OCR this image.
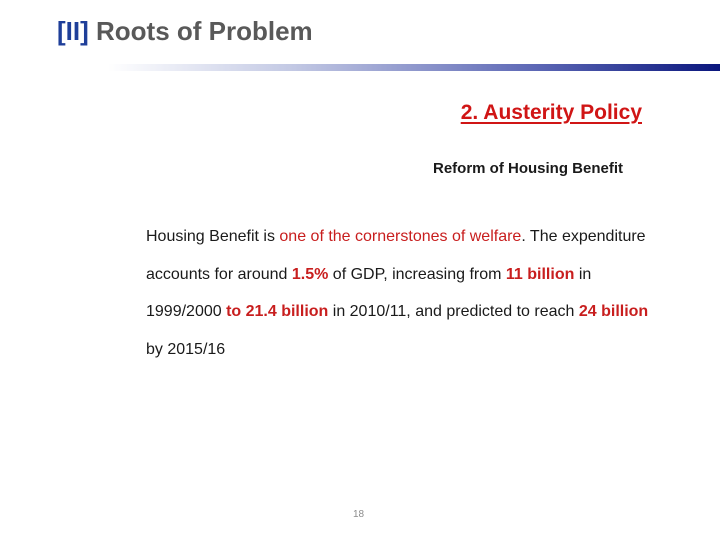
[II] Roots of Problem
2. Austerity Policy
Reform of Housing Benefit

Housing Benefit is one of the cornerstones of welfare. The expenditure accounts for around 1.5% of GDP, increasing from 11 billion in 1999/2000 to 21.4 billion in 2010/11, and predicted to reach 24 billion by 2015/16

18
